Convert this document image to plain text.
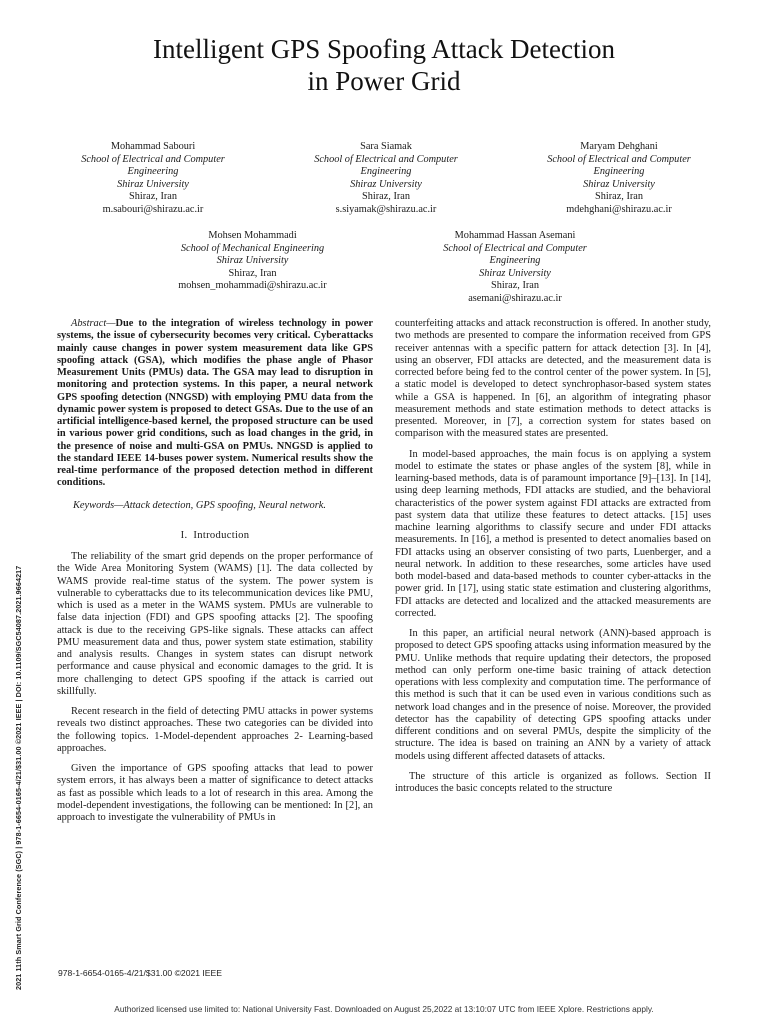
Intelligent GPS Spoofing Attack Detection
in Power Grid
Mohammad Sabouri
School of Electrical and Computer Engineering
Shiraz University
Shiraz, Iran
m.sabouri@shirazu.ac.ir
Sara Siamak
School of Electrical and Computer Engineering
Shiraz University
Shiraz, Iran
s.siyamak@shirazu.ac.ir
Maryam Dehghani
School of Electrical and Computer Engineering
Shiraz University
Shiraz, Iran
mdehghani@shirazu.ac.ir
Mohsen Mohammadi
School of Mechanical Engineering
Shiraz University
Shiraz, Iran
mohsen_mohammadi@shirazu.ac.ir
Mohammad Hassan Asemani
School of Electrical and Computer Engineering
Shiraz University
Shiraz, Iran
asemani@shirazu.ac.ir
2021 11th Smart Grid Conference (SGC) | 978-1-6654-0165-4/21/$31.00 ©2021 IEEE | DOI: 10.1109/SGC54087.2021.9664217

Abstract—Due to the integration of wireless technology in power systems, the issue of cybersecurity becomes very critical. Cyberattacks mainly cause changes in power system measurement data like GPS spoofing attack (GSA), which modifies the phase angle of Phasor Measurement Units (PMUs) data. The GSA may lead to disruption in monitoring and protection systems. In this paper, a neural network GPS spoofing detection (NNGSD) with employing PMU data from the dynamic power system is proposed to detect GSAs. Due to the use of an artificial intelligence-based kernel, the proposed structure can be used in various power grid conditions, such as load changes in the grid, in the presence of noise and multi-GSA on PMUs. NNGSD is applied to the standard IEEE 14-buses power system. Numerical results show the real-time performance of the proposed detection method in different conditions.

Keywords—Attack detection, GPS spoofing, Neural network.

I. Introduction

The reliability of the smart grid depends on the proper performance of the Wide Area Monitoring System (WAMS) [1]. The data collected by WAMS provide real-time status of the system. The power system is vulnerable to cyberattacks due to its telecommunication devices like PMU, which is used as a meter in the WAMS system. PMUs are vulnerable to false data injection (FDI) and GPS spoofing attacks [2]. The spoofing attack is due to the receiving GPS-like signals. These attacks can affect PMU measurement data and thus, power system state estimation, stability and analysis results. Changes in system states can disrupt network performance and cause physical and economic damages to the grid. It is more challenging to detect GPS spoofing if the attack is carried out skillfully.

Recent research in the field of detecting PMU attacks in power systems reveals two distinct approaches. These two categories can be divided into the following topics. 1-Model-dependent approaches 2- Learning-based approaches.

Given the importance of GPS spoofing attacks that lead to power system errors, it has always been a matter of significance to detect attacks as fast as possible which leads to a lot of research in this area. Among the model-dependent investigations, the following can be mentioned: In [2], an approach to investigate the vulnerability of PMUs in

counterfeiting attacks and attack reconstruction is offered. In another study, two methods are presented to compare the information received from GPS receiver antennas with a specific pattern for attack detection [3]. In [4], using an observer, FDI attacks are detected, and the measurement data is corrected before being fed to the control center of the power system. In [5], a static model is developed to detect synchrophasor-based system states while a GSA is happened. In [6], an algorithm of integrating phasor measurement methods and state estimation methods to detect attacks is presented. Moreover, in [7], a correction system for states based on comparison with the measured states are presented.

In model-based approaches, the main focus is on applying a system model to estimate the states or phase angles of the system [8], while in learning-based methods, data is of paramount importance [9]–[13]. In [14], using deep learning methods, FDI attacks are studied, and the behavioral characteristics of the power system against FDI attacks are extracted from past system data that utilize these features to detect attacks. [15] uses machine learning algorithms to classify secure and under FDI attacks measurements. In [16], a method is presented to detect anomalies based on FDI attacks using an observer consisting of two parts, Luenberger, and a neural network. In addition to these researches, some articles have used both model-based and data-based methods to counter cyber-attacks in the power grid. In [17], using static state estimation and clustering algorithms, FDI attacks are detected and localized and the attacked measurements are corrected.

In this paper, an artificial neural network (ANN)-based approach is proposed to detect GPS spoofing attacks using information measured by the PMU. Unlike methods that require updating their detectors, the proposed method can only perform one-time basic training of attack detection operations with less complexity and computation time. The performance of this method is such that it can be used even in various conditions such as network load changes and in the presence of noise. Moreover, the provided detector has the capability of detecting GPS spoofing attacks under different conditions and on several PMUs, despite the simplicity of the structure. The idea is based on training an ANN by a variety of attack models using different affected datasets of attacks.

The structure of this article is organized as follows. Section II introduces the basic concepts related to the structure

978-1-6654-0165-4/21/$31.00 ©2021 IEEE
Authorized licensed use limited to: National University Fast. Downloaded on August 25,2022 at 13:10:07 UTC from IEEE Xplore. Restrictions apply.
